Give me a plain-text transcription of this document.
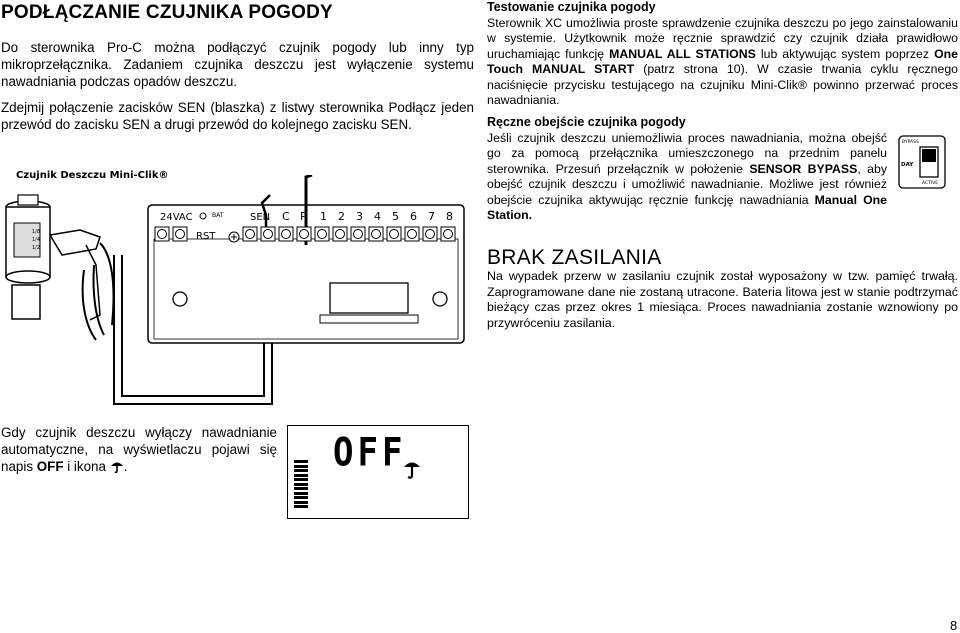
PODŁĄCZANIE CZUJNIKA POGODY
Do sterownika Pro-C można podłączyć czujnik pogody lub inny typ mikroprzełącznika. Zadaniem czujnika deszczu jest wyłączenie systemu nawadniania podczas opadów deszczu.
Zdejmij połączenie zacisków SEN (blaszka) z listwy sterownika Podłącz jeden przewód do zacisku SEN a drugi przewód do kolejnego zacisku SEN.
Czujnik Deszczu Mini-Clik®
1/8
1/4
1/2
24VAC	BAT	SEN C P 1 2 3 4 5 6 7 8
RST
Gdy czujnik deszczu wyłączy nawadnianie automatyczne, na wyświetlaczu pojawi się napis OFF i ikona .	OFF
Testowanie czujnika pogody
Sterownik XC umożliwia proste sprawdzenie czujnika deszczu po jego zainstalowaniu w systemie. Użytkownik może ręcznie sprawdzić czy czujnik działa prawidłowo uruchamiając funkcję MANUAL ALL STATIONS lub aktywując system poprzez One Touch MANUAL START (patrz strona 10). W czasie trwania cyklu ręcznego naciśnięcie przycisku testującego na czujniku Mini-Clik® powinno przerwać proces nawadniania.
Ręczne obejście czujnika pogody
Jeśli czujnik deszczu uniemożliwia proces nawadniania, można obejść go za pomocą przełącznika umieszczonego na przednim panelu sterownika. Przesuń przełącznik w położenie SENSOR BYPASS, aby obejść czujnik deszczu i umożliwić nawadnianie. Możliwe jest również obejście czujnika aktywując ręcznie funkcję nawadniania Manual One Station.
BYPASS
DAY
ACTIVE
BRAK ZASILANIA
Na wypadek przerw w zasilaniu czujnik został wyposażony w tzw. pamięć trwałą. Zaprogramowane dane nie zostaną utracone. Bateria litowa jest w stanie podtrzymać bieżący czas przez okres 1 miesiąca. Proces nawadniania zostanie wznowiony po przywróceniu zasilania.
8
